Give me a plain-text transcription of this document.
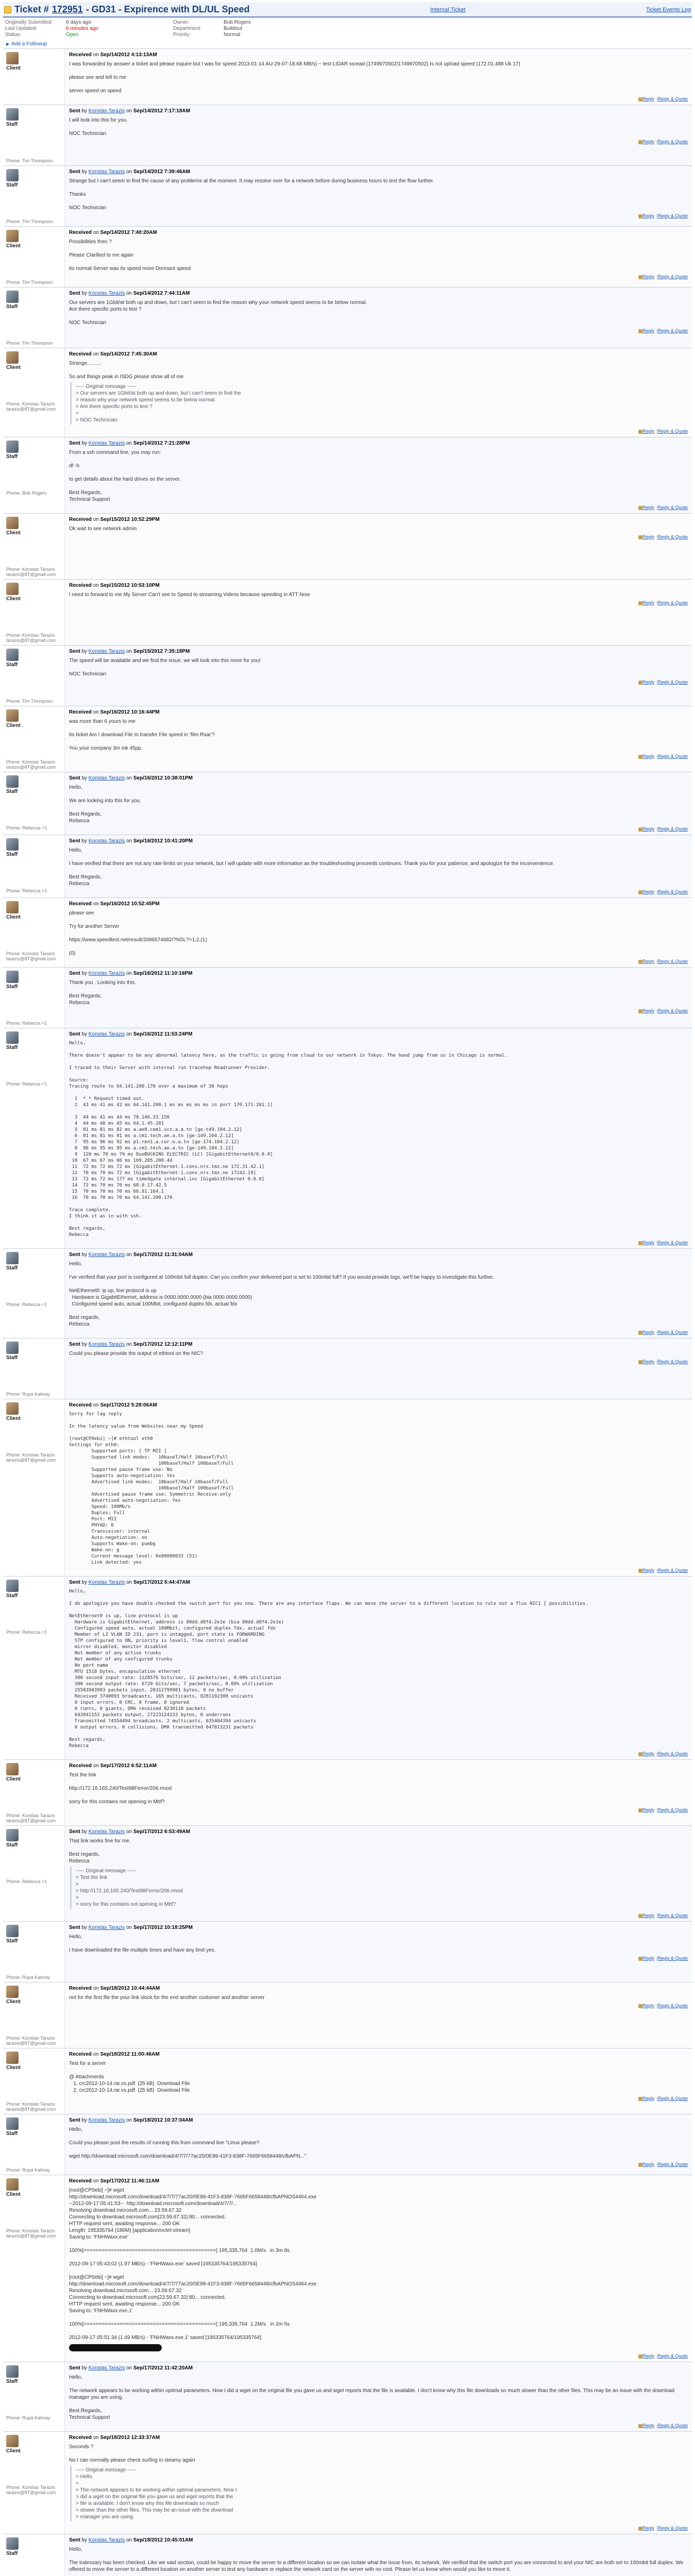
Ticket # 172951 - GD31 - Expirence with DL/UL Speed	Internal Ticket	Ticket Events Log
Originally Submitted:	6 days ago	Owner:	Bob Rogers
Last Updated:	6 minutes ago	Department:	Buildout
Status:	Open	Priority:	Normal
▶ Add a Followup
Client
Received on Sep/14/2012 4:13:13AM
I was forwarded by answer a ticket and please inquire but I was for speed 2013-01-14 AU-29-07-18.68 MB/s) ~ test LIDAR ssread (1749970502/1749970502) Is not upload speed (172.01.488 Uk 17)

please see and tell to me

server speed on speed
Reply |Reply & Quote
Staff
Phone: Tim Thompson
Sent by Konstas Tarazis on Sep/14/2012 7:17:18AM
I will look into this for you.

NOC Technician
Reply |Reply & Quote
Staff
Phone: Tim Thompson
Sent by Konstas Tarazis on Sep/14/2012 7:39:46AM
Strange but I can't seem to find the cause of any problems at the moment. It may resolve over for a network before during business hours to test the flow further.

Thanks

NOC Technician
Reply |Reply & Quote
Client
Phone: Tim Thompson
Received on Sep/14/2012 7:40:20AM
Possibilities then ?

Please Clarified to me again

Its normal Server was its speed more Dormant speed
Reply |Reply & Quote
Staff
Phone: Tim Thompson
Sent by Konstas Tarazis on Sep/14/2012 7:44:11AM
Our servers are 1Gbit/at both up and down, but I can't seem to find the reason why your network speed seems to be below normal.
Are there specific ports to test ?

NOC Technician
Reply |Reply & Quote
Client
Phone: Konstas Tarazis
tarazis@8T@gmail.com
Received on Sep/14/2012 7:45:30AM
Strange..........

So and things peak in ISDG please show all of me
----- Original message -----
> Our servers are 1Gbit/at both up and down, but I can't seem to find the
> reason why your network speed seems to be below normal.
> Are there specific ports to test ?
>
> NOC Technician
Reply |Reply & Quote
Staff
Phone: Bob Rogers
Sent by Konstas Tarazis on Sep/14/2012 7:21:28PM
From a ssh command line, you may run:

df -h

to get details about the hard drives on the server.

Best Regards,
Technical Support
Reply |Reply & Quote
Client
Phone: Konstas Tarazis
tarazis@8T@gmail.com
Received on Sep/15/2012 10:52:29PM
Ok wait to see network admin
Reply |Reply & Quote
Client
Phone: Konstas Tarazis
tarazis@8T@gmail.com
Received on Sep/15/2012 10:53:10PM
I need to forward to me My Server Can't see to Speed to streaming Videos because speeding in ATT Now
Reply |Reply & Quote
Staff
Phone: Tim Thompson
Sent by Konstas Tarazis on Sep/15/2012 7:35:18PM
The speed will be available and we find the issue, we will look into this more for you!

NOC Technician
Reply |Reply & Quote
Client
Phone: Konstas Tarazis
tarazis@8T@gmail.com
Received on Sep/16/2012 10:16:44PM
was more than 6 yours to me

Its ticket Am I download File to transfer File speed in 'film Rsar'?

You your company 3m ink 45pp.
Reply |Reply & Quote
Staff
Phone: Rebecca +1
Sent by Konstas Tarazis on Sep/16/2012 10:38:01PM
Hello,

We are looking into this for you.

Best Regards,
Rebecca
Reply |Reply & Quote
Staff
Phone: Rebecca +1
Sent by Konstas Tarazis on Sep/16/2012 10:41:20PM
Hello,

I have verified that there are not any rate-limits on your network, but I will update with more information as the troubleshooting proceeds continues. Thank you for your patience, and apologize for the inconvenience.

Best Regards,
Rebecca
Reply |Reply & Quote
Client
Phone: Konstas Tarazis
tarazis@8T@gmail.com
Received on Sep/16/2012 10:52:45PM
please see

Try for another Server

https://www.speedtest.net/result/2086574682/?NSL?=1,2,(1)

(0)
Reply |Reply & Quote
Staff
Phone: Rebecca +1
Sent by Konstas Tarazis on Sep/16/2012 11:10:16PM
Thank you . Looking into this.

Best Regards,
Rebecca
Reply |Reply & Quote
Staff
Phone: Rebecca +1
Sent by Konstas Tarazis on Sep/16/2012 11:53:24PM
Hello,

There doesn't appear to be any abnormal latency here, as the traffic is going from cloud to our network in Tokyo. The hand jump from us in Chicago is normal.

I traced to their Server with internal run tracehop Readrunner Provider.

Source:
Tracing route to 64.141.200.170 over a maximum of 30 hops

1  * * Request timed out.
2  43 ms 41 ms 42 ms 64.141.200.1 ms ms ms ms ms in port 170.171.201.1]

3  44 ms 41 ms 44 ms 78.146.33.150
4  44 ms 48 ms 45 ms 64.1.45.201
5  81 ms 81 ms 82 ms a.ae0.cem1.scn.a.a.tn [ge-t49.104.2.12]
6  81 ms 81 ms 81 ms a.cm1.tech.ae.a.tn [ge-149.104.2.12]
7  95 ms 96 ms 92 ms p1.ren1.a.cor.o.a.tn [ge-174.104.2.12]
8  96 ms 95 ms 95 ms a.cm1.tech.ae.a.tn [ge-149.104.2.12]
9  120 ms 70 ms 70 ms DuoBUCKINS ELECTRIC (LC) [GigabitEthernet0/0.0.0]
10  67 ms 67 ms 66 ms 169.205.200.44
11  72 ms 72 ms 72 ms [GigabitEthernet-1.cons.nrs.tmz.ne 172.31.42.1]
12  70 ms 70 ms 72 ms [GigabitEthernet-1.cons.nrs.tmz.ne 17242.19]
13  72 ms 72 ms 177 ms time4gate internal.inc [GigabitEthernet 0.0.0]
14  72 ms 70 ms 70 ms 68.0.17.42.5
15  70 ms 70 ms 70 ms 66.81.164.1
16  70 ms 70 ms 70 ms 64.141.200.170

Trace complete.
I think it as in with ssh.

Best regards,
Rebecca
Reply |Reply & Quote
Staff
Phone: Rebecca +1
Sent by Konstas Tarazis on Sep/17/2012 11:31:04AM
Hello,

I've verified that your port is configured at 100mbit full duplex. Can you confirm your delivered port is set to 100mbit full? If you would provide logs, we'll be happy to investigate this further.

NetEthernet0: ip up, line protocol is up
Hardware is GigabitEthernet, address is 0000.0000.0000 (bia 0000.0000.0000)
Configured speed auto, actual 100Mbit, configured duplex fdx, actual fdx

Best regards,
Rebecca
Reply |Reply & Quote
Staff
Phone: Rupa Kalmay
Sent by Konstas Tarazis on Sep/17/2012 12:12:11PM
Could you please provide the output of ethtool on the NIC?
Reply |Reply & Quote
Client
Phone: Konstas Tarazis
tarazis@8T@gmail.com
Received on Sep/17/2012 5:28:06AM
Sorry for lag reply

In the latency value from Websites near my Speed

[root@CP0ebi] ~]# ethtool eth0
Settings for eth0:
Supported ports: [ TP MII ]
Supported link modes:   10baseT/Half 10baseT/Full
100baseT/Half 100baseT/Full
Supported pause frame use: No
Supports auto-negotiation: Yes
Advertised link modes:  10baseT/Half 10baseT/Full
100baseT/Half 100baseT/Full
Advertised pause frame use: Symmetric Receive-only
Advertised auto-negotiation: Yes
Speed: 100Mb/s
Duplex: Full
Port: MII
PHYAD: 0
Transceiver: internal
Auto-negotiation: on
Supports Wake-on: pumbg
Wake-on: g
Current message level: 0x00000033 (51)
Link detected: yes
Reply |Reply & Quote
Staff
Phone: Rebecca +1
Sent by Konstas Tarazis on Sep/17/2012 5:44:47AM
Hello,

I do apologize you have double-checked the switch port for you now. There are any interface flaps. We can move the server to a different location to rule out a flux NIC1 [ possibilities.

NetEthernet0 is up, line protocol is up
Hardware is GigabitEthernet, address is 00dd.d0f4.2e1e (bia 00dd.d0f4.2e1e)
Configured speed auto, actual 100Mbit, configured duplex fdx, actual fdx
Member of L2 VLAN ID 231, port is untagged, port state is FORWARDING
STP configured to ON, priority is level1, flow control enabled
mirror disabled, monitor disabled
Not member of any active trunks
Not member of any configured trunks
No port name
MTU 1518 bytes, encapsulation ethernet
300 second input rate: 1128576 bits/sec, 12 packets/sec, 0.00% utilization
300 second output rate: 6720 bits/sec, 7 packets/sec, 0.00% utilization
25583903983 packets input, 20312799901 bytes, 0 no buffer
Received 3740093 broadcasts, 165 multicasts, 8281192308 unicasts
0 input errors, 0 CRC, 0 frame, 0 ignored
0 runts, 0 giants, DMA received 8230110 packets
643941153 packets output, 27223124233 bytes, 0 underruns
Transmitted 74554494 broadcasts, 2 multicasts, 635404394 unicasts
0 output errors, 0 collisions, DMA transmitted 647813231 packets

Best regards,
Rebecca
Reply |Reply & Quote
Client
Phone: Konstas Tarazis
tarazis@8T@gmail.com
Received on Sep/17/2012 6:52:11AM
Test the link

http://172.16.165.240/Test98Ferror/206.rmod

sorry for this contains not opening in Mbf?
Reply |Reply & Quote
Staff
Phone: Rebecca +1
Sent by Konstas Tarazis on Sep/17/2012 6:53:49AM
That link works fine for me.

Best regards,
Rebecca
----- Original message -----
> Test the link
>
> http://172.16.165.240/Test98Ferror/206.rmod
>
> sorry for this contains not opening in Mbf?
Reply |Reply & Quote
Staff
Phone: Rupa Kalmay
Sent by Konstas Tarazis on Sep/17/2012 10:18:25PM
Hello,

I have downloaded the file multiple times and have any limit yes.
Reply |Reply & Quote
Client
Phone: Konstas Tarazis
tarazis@8T@gmail.com
Received on Sep/18/2012 10:44:44AM
not for the first file the your link slock for the end another customer and another server
Reply |Reply & Quote
Client
Phone: Konstas Tarazis
tarazis@8T@gmail.com
Received on Sep/18/2012 11:00:46AM
Test for a server

@ Attachments
1. crc2012-10-14.rar.vs.pdf  (25 kB)  Download File
2. crc2012-10-14.rar.vs.pdf  (25 kB)  Download File
Reply |Reply & Quote
Staff
Phone: Rupa Kalmay
Sent by Konstas Tarazis on Sep/18/2012 10:37:04AM
Hello,

Could you please post the results of running this from command line "Linux please?

wget http://download.microsoft.com/download/4/7/7/77ac20/0E99-41F3-838F-7665F6658448/cfbAPN..."
Reply |Reply & Quote
Client
Phone: Konstas Tarazis
tarazis@8T@gmail.com
Received on Sep/17/2012 11:46:11AM
[root@CP0ebi] ~]# wget
http://download.microsoft.com/download/4/7/7/77ac20/0E99-41F3-838F-7665F6658448/cfbAPNOS4464.exe
--2012-09-17 05:41:53--  http://download.microsoft.com/download/4/7/7/...
Resolving download.microsoft.com... 23.59.67.32
Connecting to download.microsoft.com|23.59.67.32|:80... connected.
HTTP request sent, awaiting response... 200 OK
Length: 195335764 (186M) [application/octet-stream]
Saving to: 'FNHWaxx.exe'

100%[===========================================>] 195,335,764  1.0M/s   in 3m 8s

2012-09-17 05:43:02 (1.97 MB/s) - 'FNHWaxx.exe' saved [195335764/195335764]

[root@CP0ebi] ~]# wget
http://download.microsoft.com/download/4/7/7/77ac20/0E99-41F3-838F-7665F6658448/cfbAPNOS4464.exe
Resolving download.microsoft.com... 23.59.67.32
Connecting to download.microsoft.com|23.59.67.32|:80... connected.
HTTP request sent, awaiting response... 200 OK
Saving to: 'FNHWaxx.exe.1'

100%[===========================================>] 195,335,764  1.2M/s   in 2m 5s

2012-09-17 05:51:34 (1.49 MB/s) - 'FNHWaxx.exe.1' saved [195335764/195335764]
Reply |Reply & Quote
Staff
Phone: Rupa Kalmay
Sent by Konstas Tarazis on Sep/17/2012 11:42:20AM
Hello,

The network appears to be working within optimal parameters. Now I did a wget on the original file you gave us and wget reports that the file is available. I don't know why this file downloads so much slower than the other files. This may be an issue with the download manager you are using.

Best Regards,
Technical Support
Reply |Reply & Quote
Client
Phone: Konstas Tarazis
tarazis@8T@gmail.com
Received on Sep/18/2012 12:33:37AM
Seconds ?

No I can normally please check surfing in steamy again
----- Original message -----
> Hello,
>
> The network appears to be working within optimal parameters. Now I
> did a wget on the original file you gave us and wget reports that the
> file is available. I don't know why this file downloads so much
> slower than the other files. This may be an issue with the download
> manager you are using.
Reply |Reply & Quote
Staff
Sent by Konstas Tarazis on Sep/18/2012 10:45:01AM
Hello,

The tralessary has been checked. Like we said section, could be happy to move the server to a different location so we can isolate what the issue from, its network. We verified that the switch port you are connected to and your NIC are both set to 100mbit full duplex. We offered to move the server to a different location on another server to test any hardware or replace the network card on the server with no cost. Please let us know when would you like to move it.
